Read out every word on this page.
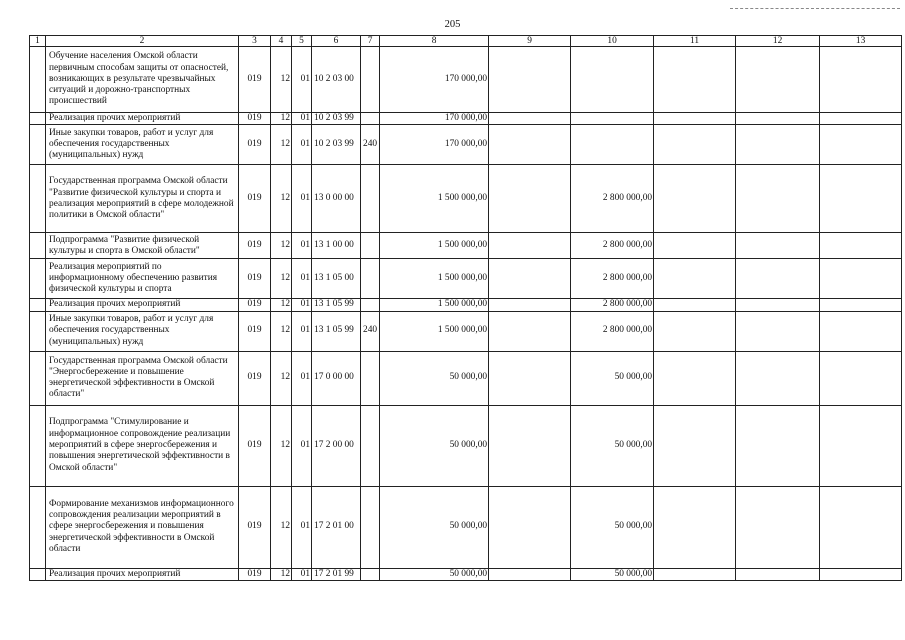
205
1	2	3	4	5	6	7	8	9	10	11	12	13
	Обучение населения Омской области первичным способам защиты от опасностей, возникающих в результате чрезвычайных ситуаций и дорожно-транспортных происшествий	019	12	01	10 2 03 00		170 000,00					
	Реализация прочих мероприятий	019	12	01	10 2 03 99		170 000,00					
	Иные закупки товаров, работ и услуг для обеспечения государственных (муниципальных) нужд	019	12	01	10 2 03 99	240	170 000,00					
	Государственная программа Омской области "Развитие физической культуры и спорта и реализация мероприятий в сфере молодежной политики в Омской области"	019	12	01	13 0 00 00		1 500 000,00		2 800 000,00			
	Подпрограмма "Развитие физической культуры и спорта в Омской области"	019	12	01	13 1 00 00		1 500 000,00		2 800 000,00			
	Реализация мероприятий по информационному обеспечению развития физической культуры и спорта	019	12	01	13 1 05 00		1 500 000,00		2 800 000,00			
	Реализация прочих мероприятий	019	12	01	13 1 05 99		1 500 000,00		2 800 000,00			
	Иные закупки товаров, работ и услуг для обеспечения государственных (муниципальных) нужд	019	12	01	13 1 05 99	240	1 500 000,00		2 800 000,00			
	Государственная программа Омской области "Энергосбережение и повышение энергетической эффективности в Омской области"	019	12	01	17 0 00 00		50 000,00		50 000,00			
	Подпрограмма "Стимулирование и информационное сопровождение реализации мероприятий в сфере энергосбережения и повышения энергетической эффективности в Омской области"	019	12	01	17 2 00 00		50 000,00		50 000,00			
	Формирование механизмов информационного сопровождения реализации мероприятий в сфере энергосбережения и повышения энергетической эффективности в Омской области	019	12	01	17 2 01 00		50 000,00		50 000,00			
	Реализация прочих мероприятий	019	12	01	17 2 01 99		50 000,00		50 000,00			
